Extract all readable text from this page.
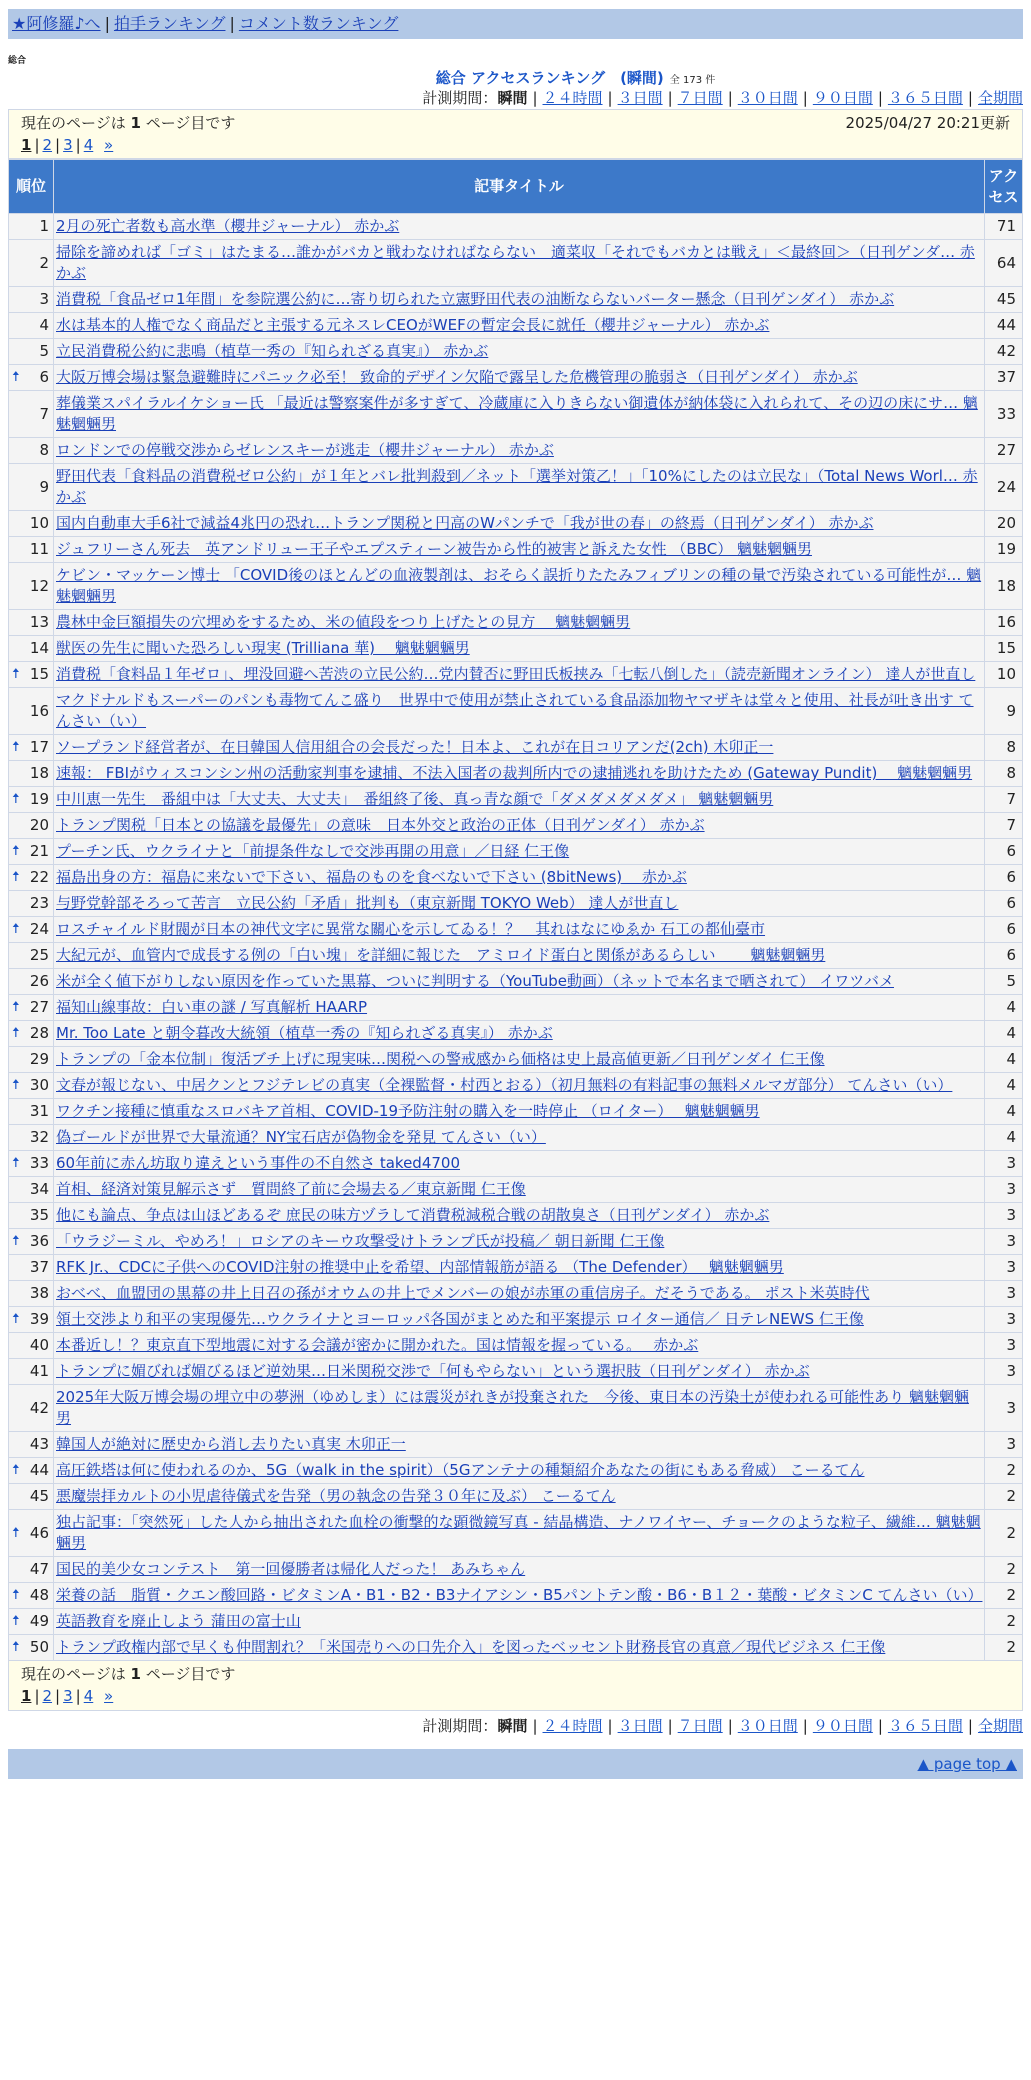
★阿修羅♪へ | 拍手ランキング | コメント数ランキング
総合
総合 アクセスランキング　(瞬間) 全 173 件
計測期間：瞬間 | ２４時間 | ３日間 | ７日間 | ３０日間 | ９０日間 | ３６５日間 | 全期間
現在のページは 1 ページ目です	2025/04/27 20:21更新
1 | 2 | 3 | 4 »
順位	記事タイトル	アクセス
1	2月の死亡者数も高水準（櫻井ジャーナル） 赤かぶ	71
2	掃除を諦めれば「ゴミ」はたまる…誰かがバカと戦わなければならない　適菜収「それでもバカとは戦え」＜最終回＞（日刊ゲンダ… 赤かぶ	64
3	消費税「食品ゼロ1年間」を参院選公約に…寄り切られた立憲野田代表の油断ならないバーター懸念（日刊ゲンダイ） 赤かぶ	45
4	水は基本的人権でなく商品だと主張する元ネスレCEOがWEFの暫定会長に就任（櫻井ジャーナル） 赤かぶ	44
5	立民消費税公約に悲鳴（植草一秀の『知られざる真実』） 赤かぶ	42

🠅 6	大阪万博会場は緊急避難時にパニック必至！ 致命的デザイン欠陥で露呈した危機管理の脆弱さ（日刊ゲンダイ） 赤かぶ	37
7	葬儀業スパイラルイケショー氏 「最近は警察案件が多すぎて、冷蔵庫に入りきらない御遺体が納体袋に入れられて、その辺の床にサ… 魑魅魍魎男	33
8	ロンドンでの停戦交渉からゼレンスキーが逃走（櫻井ジャーナル） 赤かぶ	27
9	野田代表「食料品の消費税ゼロ公約」が１年とバレ批判殺到／ネット「選挙対策乙！」「10%にしたのは立民な」（Total News Worl… 赤かぶ	24
10	国内自動車大手6社で減益4兆円の恐れ…トランプ関税と円高のWパンチで「我が世の春」の終焉（日刊ゲンダイ） 赤かぶ	20
11	ジュフリーさん死去　英アンドリュー王子やエプスティーン被告から性的被害と訴えた女性 （BBC） 魑魅魍魎男	19
12	ケビン・マッケーン博士 「COVID後のほとんどの血液製剤は、おそらく誤折りたたみフィブリンの種の量で汚染されている可能性が… 魑魅魍魎男	18
13	農林中金巨額損失の穴埋めをするため、米の値段をつり上げたとの見方　 魑魅魍魎男	16
14	獣医の先生に聞いた恐ろしい現実 (Trilliana 華)　 魑魅魍魎男	15

🠅 15	消費税「食料品１年ゼロ」、埋没回避へ苦渋の立民公約…党内賛否に野田氏板挟み「七転八倒した」（読売新聞オンライン） 達人が世直し	10
16	マクドナルドもスーパーのパンも毒物てんこ盛り　世界中で使用が禁止されている食品添加物ヤマザキは堂々と使用、社長が吐き出す てんさい（い）	9

🠅 17	ソープランド経営者が、在日韓国人信用組合の会長だった！日本よ、これが在日コリアンだ(2ch) 木卯正一	8
18	速報： FBIがウィスコンシン州の活動家判事を逮捕、不法入国者の裁判所内での逮捕逃れを助けたため (Gateway Pundit)　 魑魅魍魎男	8

🠅 19	中川恵一先生　番組中は「大丈夫、大丈夫」　番組終了後、真っ青な顔で「ダメダメダメダメ」 魑魅魍魎男	7
20	トランプ関税「日本との協議を最優先」の意味　日本外交と政治の正体（日刊ゲンダイ） 赤かぶ	7

🠅 21	プーチン氏、ウクライナと「前提条件なしで交渉再開の用意」／日経 仁王像	6

🠅 22	福島出身の方：福島に来ないで下さい、福島のものを食べないで下さい (8bitNews)　 赤かぶ	6
23	与野党幹部そろって苦言　立民公約「矛盾」批判も（東京新聞 TOKYO Web） 達人が世直し	6

🠅 24	ロスチャイルド財閥が日本の神代文字に異常な關心を示してゐる！？　其れはなにゆゑか 石工の都仙臺市	6
25	大紀元が、血管内で成長する例の「白い塊」を詳細に報じた　アミロイド蛋白と関係があるらしい　　 魑魅魍魎男	6
26	米が全く値下がりしない原因を作っていた黒幕、ついに判明する（YouTube動画）（ネットで本名まで晒されて） イワツバメ	5

🠅 27	福知山線事故：白い車の謎 / 写真解析 HAARP	4

🠅 28	Mr. Too Late と朝令暮改大統領（植草一秀の『知られざる真実』） 赤かぶ	4
29	トランプの「金本位制」復活ブチ上げに現実味…関税への警戒感から価格は史上最高値更新／日刊ゲンダイ 仁王像	4

🠅 30	文春が報じない、中居クンとフジテレビの真実（全裸監督・村西とおる）（初月無料の有料記事の無料メルマガ部分） てんさい（い）	4
31	ワクチン接種に慎重なスロバキア首相、COVID-19予防注射の購入を一時停止 （ロイター）　 魑魅魍魎男	4
32	偽ゴールドが世界で大量流通？NY宝石店が偽物金を発見 てんさい（い）	4

🠅 33	60年前に赤ん坊取り違えという事件の不自然さ taked4700	3
34	首相、経済対策見解示さず　質問終了前に会場去る／東京新聞 仁王像	3
35	他にも論点、争点は山ほどあるぞ 庶民の味方ヅラして消費税減税合戦の胡散臭さ（日刊ゲンダイ） 赤かぶ	3

🠅 36	「ウラジーミル、やめろ！」ロシアのキーウ攻撃受けトランプ氏が投稿／ 朝日新聞 仁王像	3
37	RFK Jr.、CDCに子供へのCOVID注射の推奨中止を希望、内部情報筋が語る （The Defender）　 魑魅魍魎男	3
38	おべべ、血盟団の黒幕の井上日召の孫がオウムの井上でメンバーの娘が赤軍の重信房子。だそうである。 ポスト米英時代	3

🠅 39	領土交渉より和平の実現優先…ウクライナとヨーロッパ各国がまとめた和平案提示 ロイター通信／ 日テレNEWS 仁王像	3
40	本番近し！？東京直下型地震に対する会議が密かに開かれた。国は情報を握っている。　 赤かぶ	3
41	トランプに媚びれば媚びるほど逆効果…日米関税交渉で「何もやらない」という選択肢（日刊ゲンダイ） 赤かぶ	3
42	2025年大阪万博会場の埋立中の夢洲（ゆめしま）には震災がれきが投棄された　今後、東日本の汚染土が使われる可能性あり 魑魅魍魎男	3
43	韓国人が絶対に歴史から消し去りたい真実 木卯正一	3

🠅 44	高圧鉄塔は何に使われるのか、5G（walk in the spirit）（5Gアンテナの種類紹介あなたの街にもある脅威） こーるてん	2
45	悪魔崇拝カルトの小児虐待儀式を告発（男の執念の告発３０年に及ぶ） こーるてん	2

🠅 46	独占記事：「突然死」した人から抽出された血栓の衝撃的な顕微鏡写真 - 結晶構造、ナノワイヤー、チョークのような粒子、繊維… 魑魅魍魎男	2
47	国民的美少女コンテスト　第一回優勝者は帰化人だった！ あみちゃん	2

🠅 48	栄養の話　脂質・クエン酸回路・ビタミンA・B1・B2・B3ナイアシン・B5パントテン酸・B6・B１２・葉酸・ビタミンC てんさい（い）	2

🠅 49	英語教育を廃止しよう 蒲田の富士山	2

🠅 50	トランプ政権内部で早くも仲間割れ？「米国売りへの口先介入」を図ったベッセント財務長官の真意／現代ビジネス 仁王像	2
現在のページは 1 ページ目です
1 | 2 | 3 | 4 »
計測期間：瞬間 | ２４時間 | ３日間 | ７日間 | ３０日間 | ９０日間 | ３６５日間 | 全期間
▲ page top ▲
